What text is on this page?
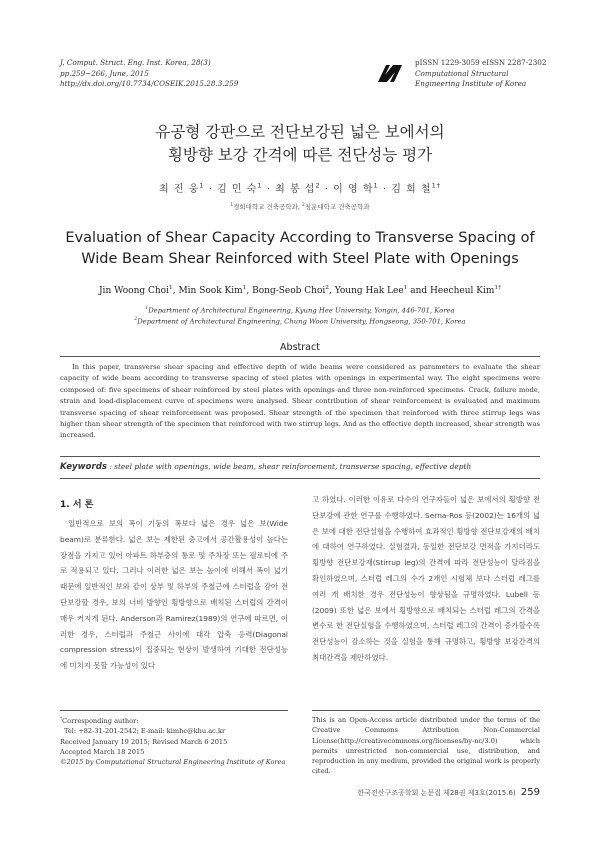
J. Comput. Struct. Eng. Inst. Korea, 28(3)
pp.259~266, June, 2015
http://dx.doi.org/10.7734/COSEIK.2015.28.3.259
pISSN 1229-3059 eISSN 2287-2302
Computational Structural
Engineering Institute of Korea
유공형 강판으로 전단보강된 넓은 보에서의
횡방향 보강 간격에 따른 전단성능 평가
최 진 웅$^1$ · 김 민 숙$^1$ · 최 봉 섭$^2$ · 이 영 학$^1$ · 김 희 철$^{1\dagger}$
$^1$경희대학교 건축공학과, $^2$청운대학교 건축공학과
Evaluation of Shear Capacity According to Transverse Spacing of
Wide Beam Shear Reinforced with Steel Plate with Openings
Jin Woong Choi$^1$, Min Sook Kim$^1$, Bong-Seob Choi$^2$, Young Hak Lee$^1$ and Heecheul Kim$^{1\dagger}$
$^1$Department of Architectural Engineering, Kyung Hee University, Yongin, 446-701, Korea
$^2$Department of Architectural Engineering, Chung Woon University, Hongseong, 350-701, Korea
Abstract
In this paper, transverse shear spacing and effective depth of wide beams were considered as parameters to evaluate the shear capacity of wide beam according to transverse spacing of steel plates with openings in experimental way. The eight specimens were composed of: five specimens of shear reinforced by steel plates with openings and three non-reinforced specimens. Crack, failure mode, strain and load-displacement curve of specimens were analysed. Shear contribution of shear reinforcement is evaluated and maximum transverse spacing of shear reinforcement was proposed. Shear strength of the specimen that reinforced with three stirrup legs was higher than shear strength of the specimen that reinforced with two stirrup legs. And as the effective depth increased, shear strength was increased.
Keywords : steel plate with openings, wide beam, shear reinforcement, transverse spacing, effective depth
1. 서 론
일반적으로 보의 폭이 기둥의 폭보다 넓은 경우 넓은 보(Wide beam)로 분류한다. 넓은 보는 제한된 층고에서 공간활용성이 높다는 장점을 가지고 있어 아파트 하부층의 통로 및 주차장 또는 필로티에 주로 적용되고 있다. 그러나 이러한 넓은 보는 높이에 비해서 폭이 넓기 때문에 일반적인 보와 같이 상부 및 하부의 주철근에 스터럽을 감아 전단보강할 경우, 보의 너비 방향인 횡방향으로 배치된 스터럽의 간격이 매우 커지게 된다. Anderson과 Ramirez(1989)의 연구에 따르면, 이러한 경우, 스터럽과 주철근 사이에 대각 압축 응력(Diagonal compression stress)이 집중되는 현상이 발생하여 기대한 전단성능에 미치지 못할 가능성이 있다
고 하였다. 이러한 이유로 다수의 연구자들이 넓은 보에서의 횡방향 전단보강에 관한 연구를 수행하였다. Serna-Ros 등(2002)는 16개의 넓은 보에 대한 전단실험을 수행하여 효과적인 횡방향 전단보강재의 배치에 대하여 연구하였다. 실험결과, 동일한 전단보강 면적을 가지더라도 횡방향 전단보강재(Stirrup leg)의 간격에 따라 전단성능이 달라짐을 확인하였으며, 스터럽 레그의 수가 2개인 시험체 보다 스터럽 레그를 여러 개 배치한 경우 전단성능이 향상됨을 규명하였다. Lubell 등(2009) 또한 넓은 보에서 횡방향으로 배치되는 스터럽 레그의 간격을 변수로 한 전단실험을 수행하였으며, 스터럽 레그의 간격이 증가할수록 전단성능이 감소하는 것을 실험을 통해 규명하고, 횡방향 보강간격의 최대간격을 제안하였다.
†Corresponding author:
Tel: +82-31-201-2542; E-mail: kimhc@khu.ac.kr
Received January 19 2015; Revised March 6 2015
Accepted March 18 2015
©2015 by Computational Structural Engineering Institute of Korea
This is an Open-Access article distributed under the terms of the Creative Commons Attribution Non-Commercial License(http://creativecommons.org/licenses/by-nc/3.0) which permits unrestricted non-commercial use, distribution, and reproduction in any medium, provided the original work is properly cited.
한국전산구조공학회 논문집 제28권 제3호(2015.6) 259
